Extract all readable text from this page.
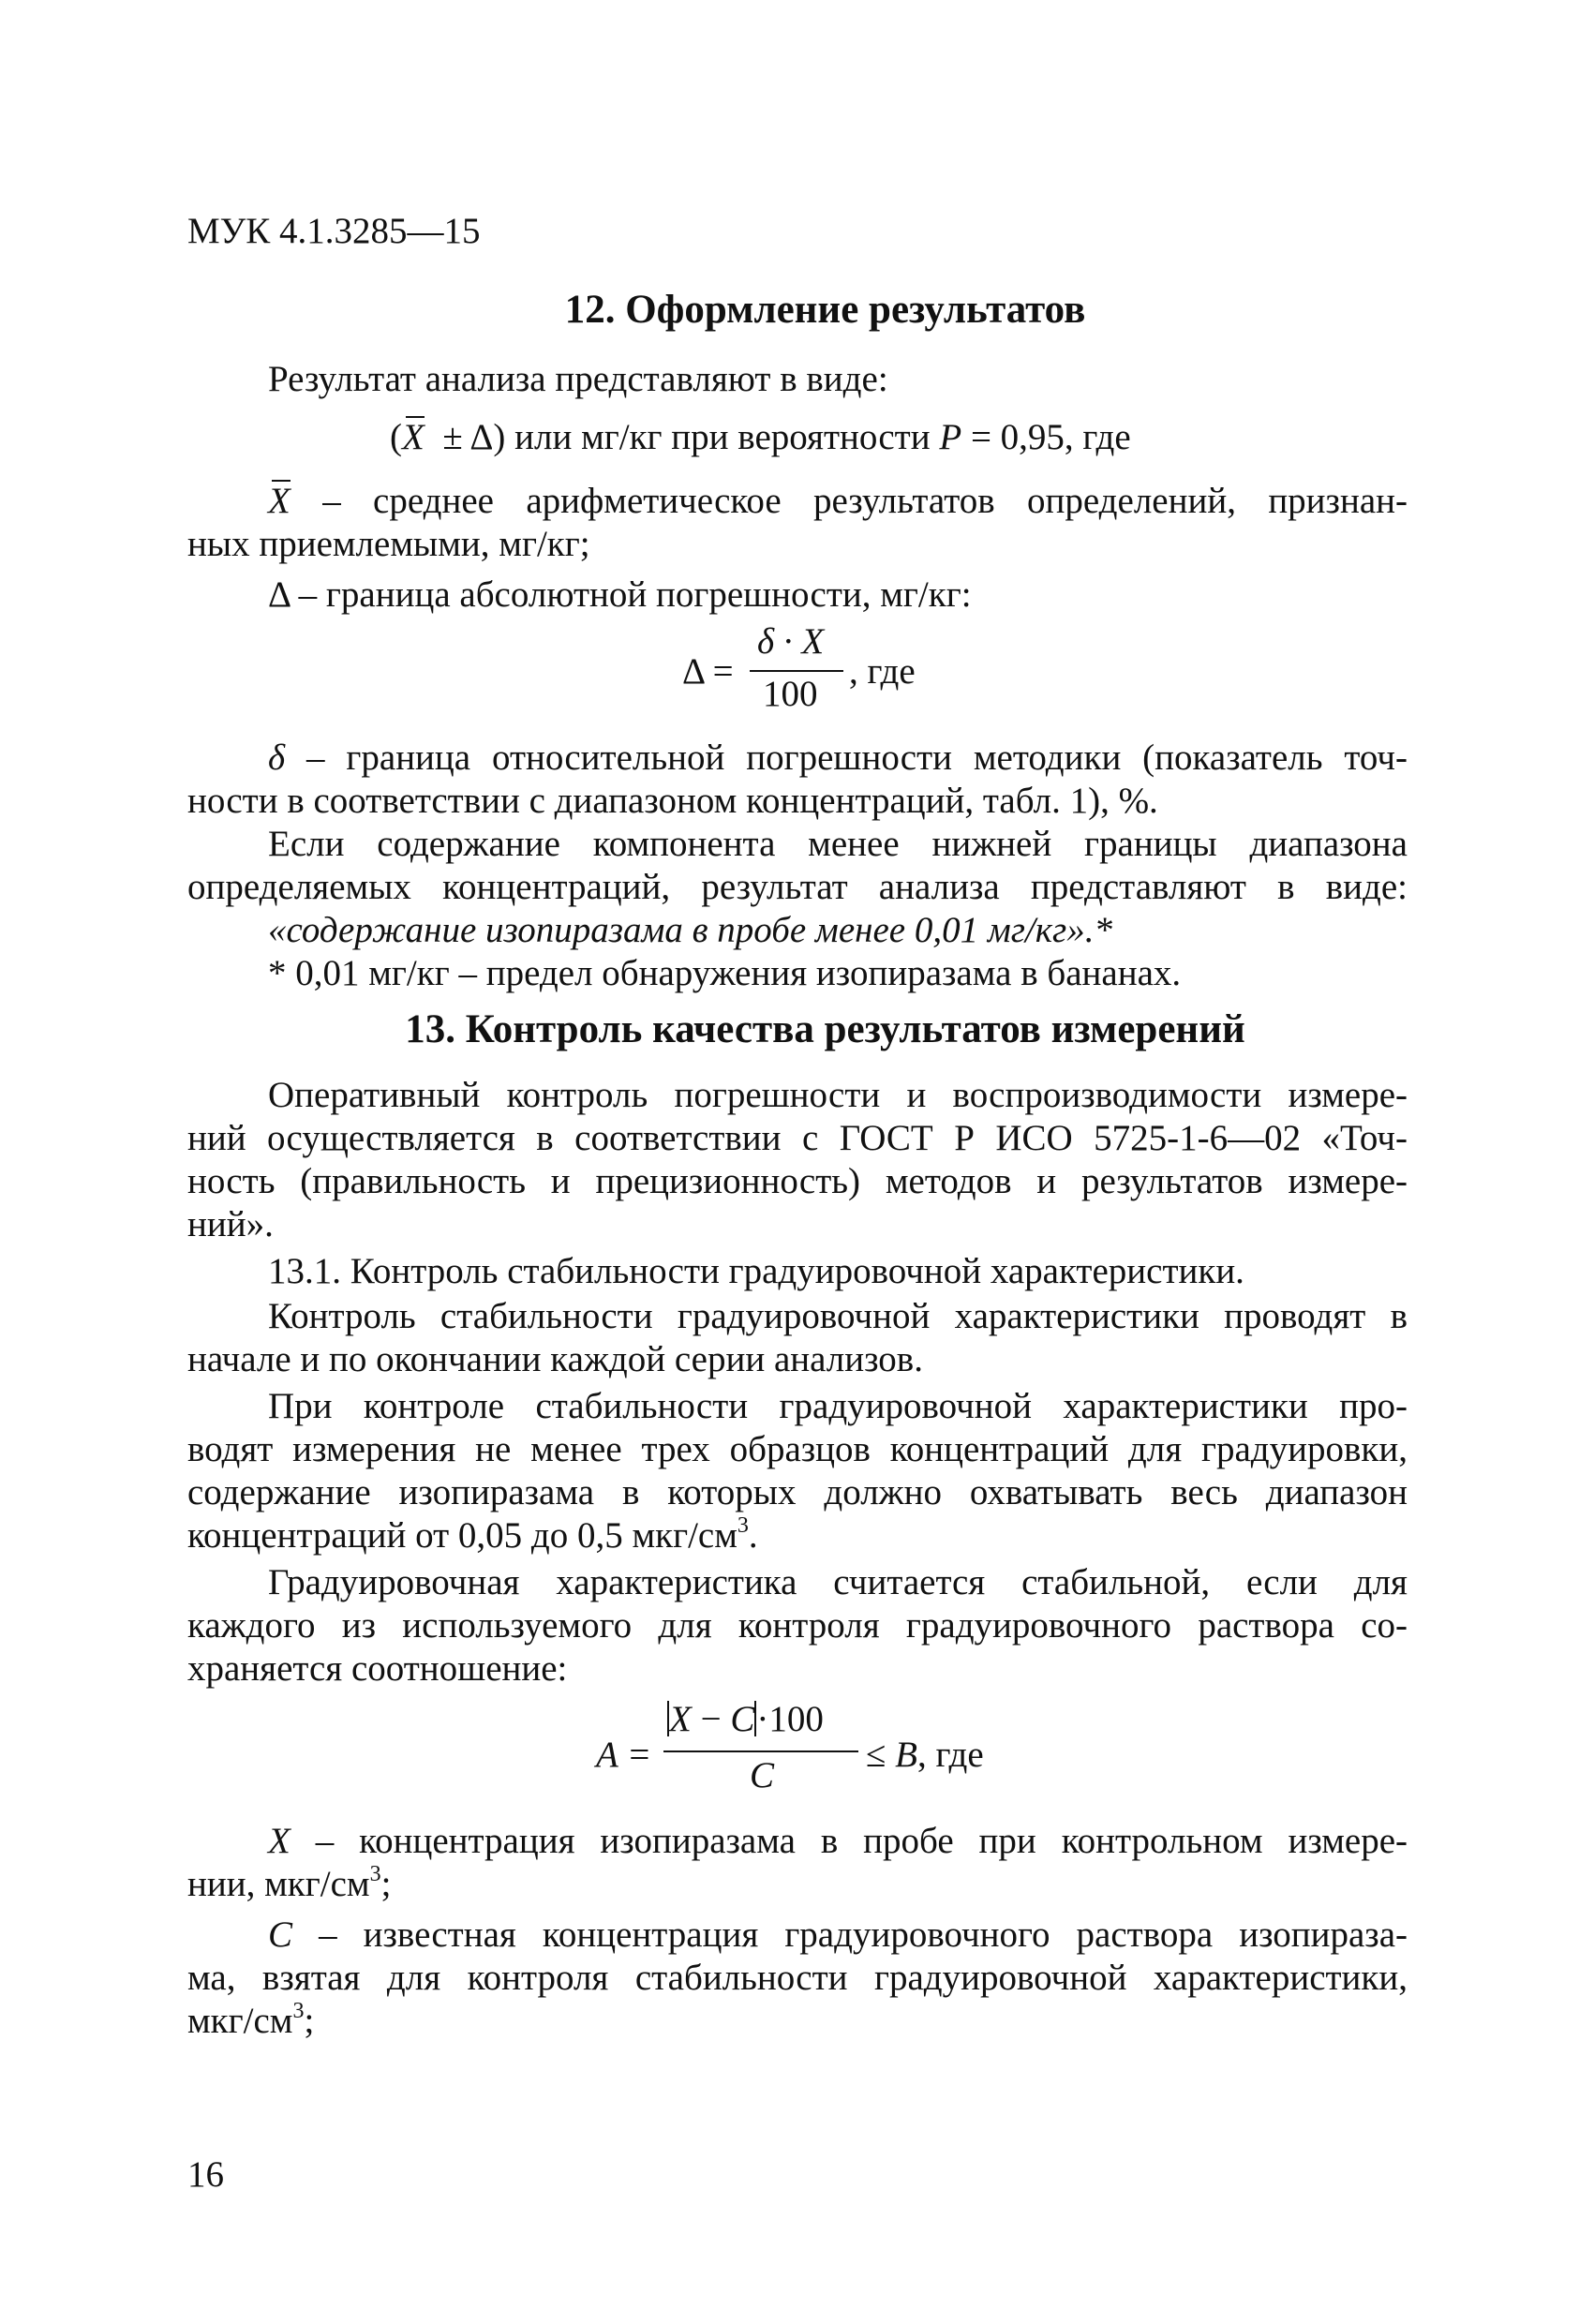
МУК 4.1.3285—15
12. Оформление результатов
Результат анализа представляют в виде:
(X ± Δ) или мг/кг при вероятности P = 0,95, где
X – среднее арифметическое результатов определений, признан-
ных приемлемыми, мг/кг;
Δ – граница абсолютной погрешности, мг/кг:
Δ =
δ · X
100
, где
δ – граница относительной погрешности методики (показатель точ-
ности в соответствии с диапазоном концентраций, табл. 1), %.
Если содержание компонента менее нижней границы диапазона
определяемых концентраций, результат анализа представляют в виде:
«содержание изопиразама в пробе менее 0,01 мг/кг».*
* 0,01 мг/кг – предел обнаружения изопиразама в бананах.
13. Контроль качества результатов измерений
Оперативный контроль погрешности и воспроизводимости измере-
ний осуществляется в соответствии с ГОСТ Р ИСО 5725-1-6—02 «Точ-
ность (правильность и прецизионность) методов и результатов измере-
ний».
13.1. Контроль стабильности градуировочной характеристики.
Контроль стабильности градуировочной характеристики проводят в
начале и по окончании каждой серии анализов.
При контроле стабильности градуировочной характеристики про-
водят измерения не менее трех образцов концентраций для градуировки,
содержание изопиразама в которых должно охватывать весь диапазон
концентраций от 0,05 до 0,5 мкг/$см^3$.
Градуировочная характеристика считается стабильной, если для
каждого из используемого для контроля градуировочного раствора со-
храняется соотношение:
A =
X − C·100
C
≤ B, где
X – концентрация изопиразама в пробе при контрольном измере-
нии, мкг/$см^3$;
C – известная концентрация градуировочного раствора изопираза-
ма, взятая для контроля стабильности градуировочной характеристики,
мкг/$см^3$;
16
